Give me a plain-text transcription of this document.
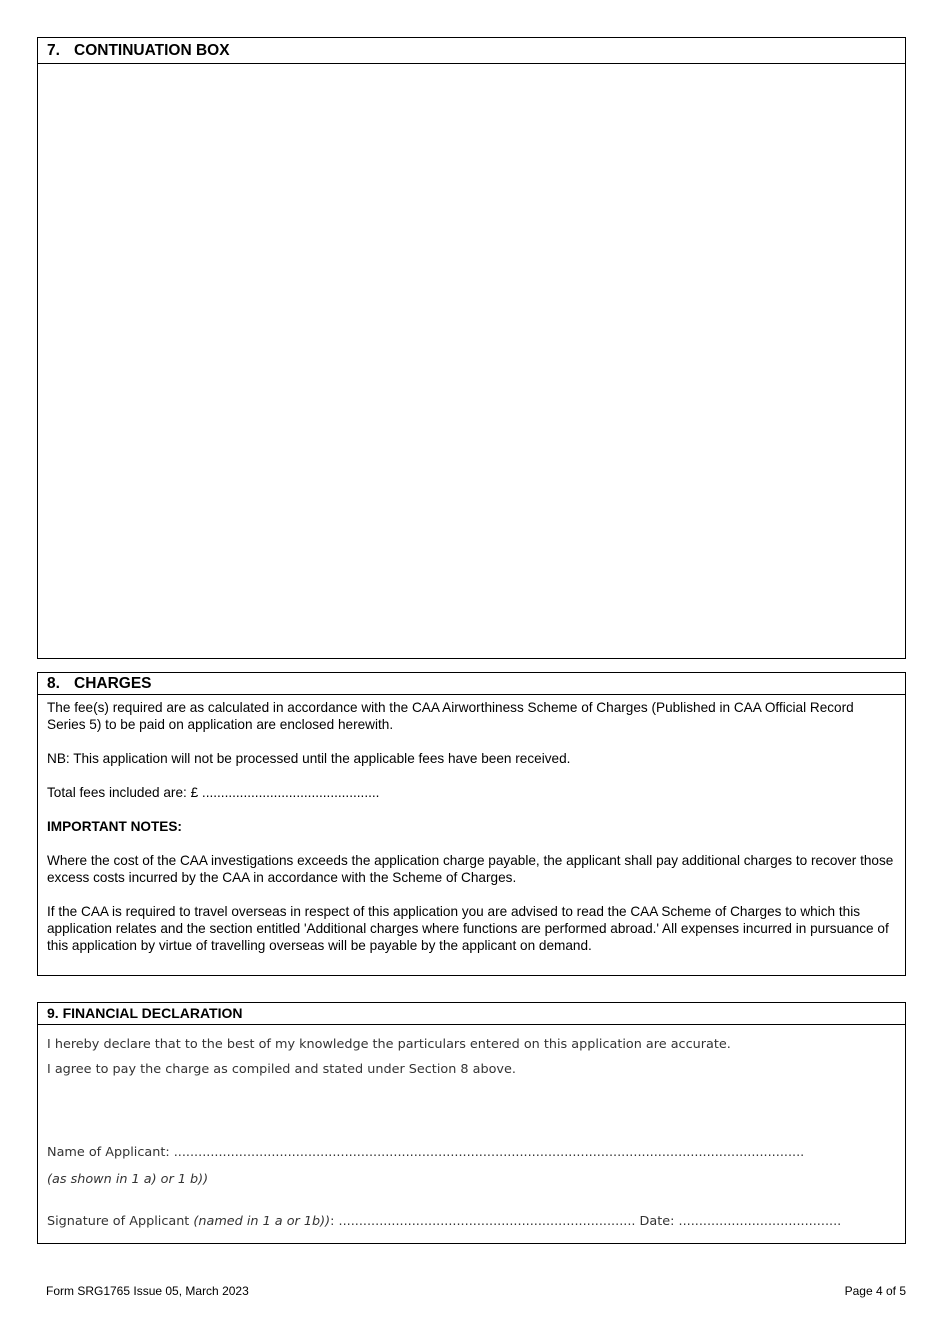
7. CONTINUATION BOX
8. CHARGES

The fee(s) required are as calculated in accordance with the CAA Airworthiness Scheme of Charges (Published in CAA Official Record Series 5) to be paid on application are enclosed herewith.

NB: This application will not be processed until the applicable fees have been received.

Total fees included are: £ ...............................................

IMPORTANT NOTES:

Where the cost of the CAA investigations exceeds the application charge payable, the applicant shall pay additional charges to recover those excess costs incurred by the CAA in accordance with the Scheme of Charges.

If the CAA is required to travel overseas in respect of this application you are advised to read the CAA Scheme of Charges to which this application relates and the section entitled 'Additional charges where functions are performed abroad.' All expenses incurred in pursuance of this application by virtue of travelling overseas will be payable by the applicant on demand.

9. FINANCIAL DECLARATION
I hereby declare that to the best of my knowledge the particulars entered on this application are accurate.
I agree to pay the charge as compiled and stated under Section 8 above.
Name of Applicant: ...........................................................................................................................................................
(as shown in 1 a) or 1 b))
Signature of Applicant (named in 1 a or 1b)): ......................................................................... Date: ........................................
Form SRG1765 Issue 05, March 2023	Page 4 of 5
